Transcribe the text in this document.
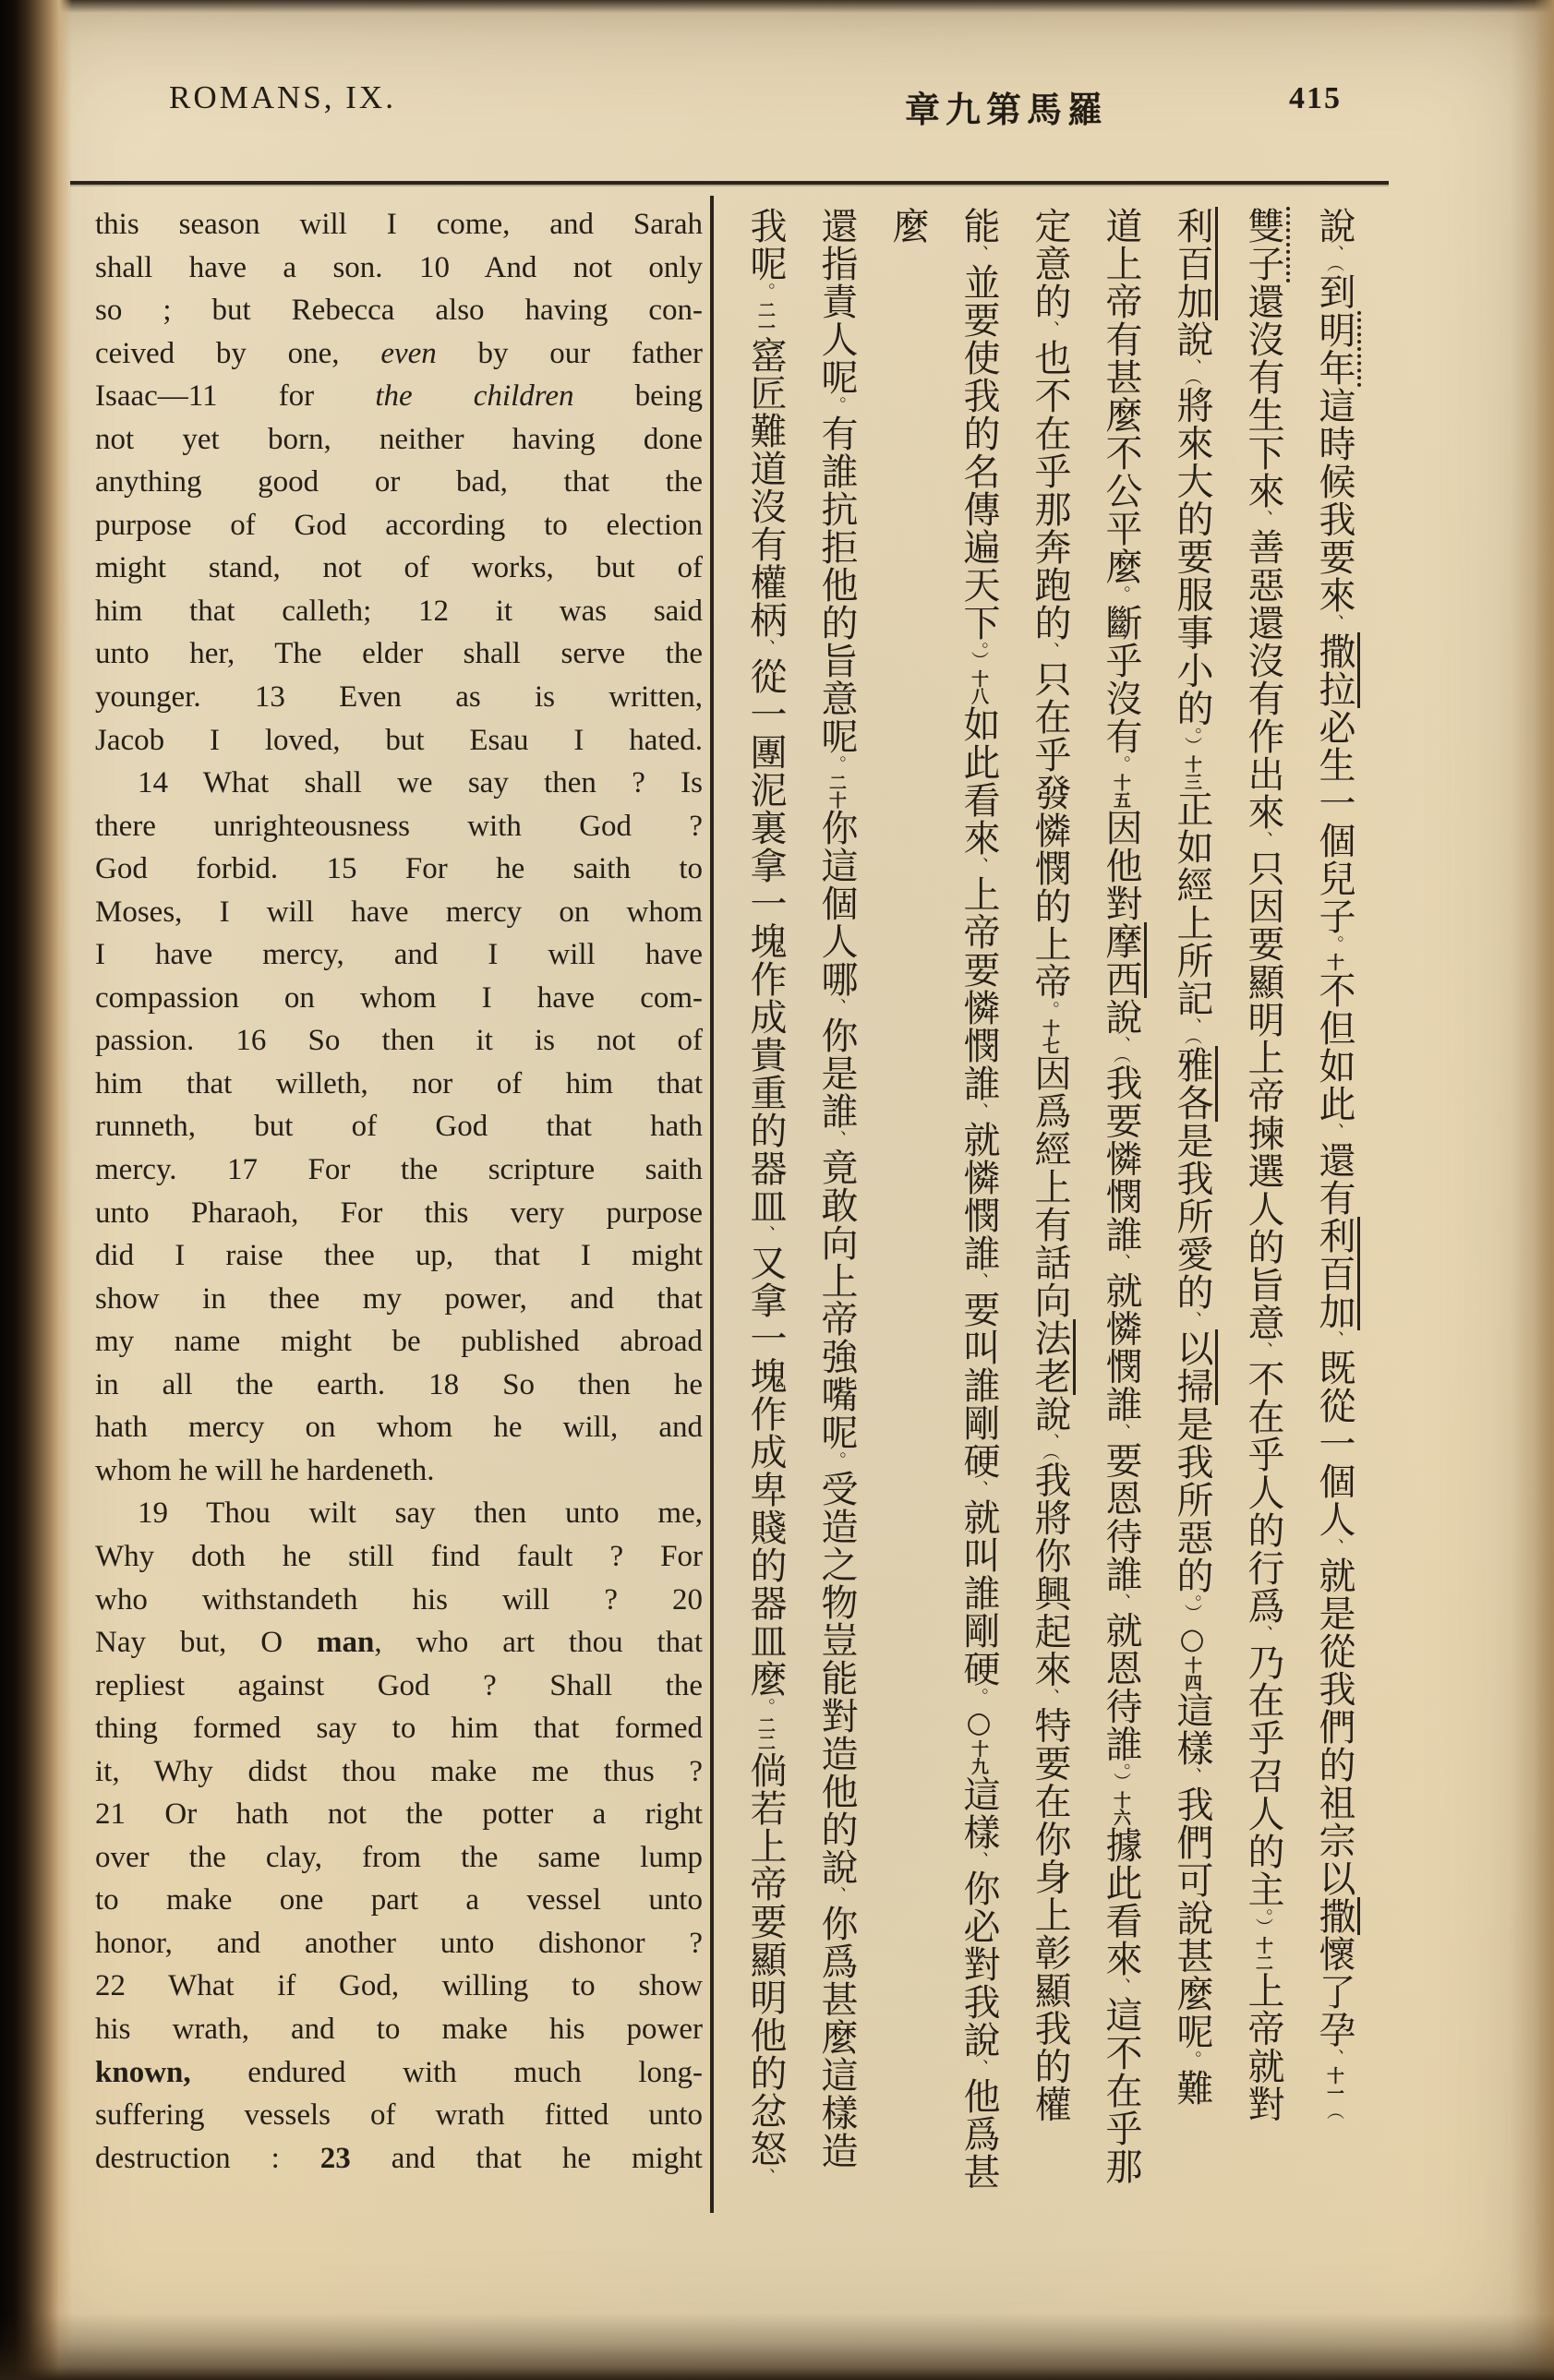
ROMANS, IX.	章九第馬羅	415
this season will I come, and Sarah
shall have a son. 10 And not only
so ; but Rebecca also having con-
ceived by one, even by our father
Isaac—11 for the children being
not yet born, neither having done
anything good or bad, that the
purpose of God according to election
might stand, not of works, but of
him that calleth; 12 it was said
unto her, The elder shall serve the
younger. 13 Even as is written,
Jacob I loved, but Esau I hated.
14 What shall we say then ? Is
there unrighteousness with God ?
God forbid. 15 For he saith to
Moses, I will have mercy on whom
I have mercy, and I will have
compassion on whom I have com-
passion. 16 So then it is not of
him that willeth, nor of him that
runneth, but of God that hath
mercy. 17 For the scripture saith
unto Pharaoh, For this very purpose
did I raise thee up, that I might
show in thee my power, and that
my name might be published abroad
in all the earth. 18 So then he
hath mercy on whom he will, and
whom he will he hardeneth.
19 Thou wilt say then unto me,
Why doth he still find fault ? For
who withstandeth his will ? 20
Nay but, O man, who art thou that
repliest against God ? Shall the
thing formed say to him that formed
it, Why didst thou make me thus ?
21 Or hath not the potter a right
over the clay, from the same lump
to make one part a vessel unto
honor, and another unto dishonor ?
22 What if God, willing to show
his wrath, and to make his power
known, endured with much long-
suffering vessels of wrath fitted unto
destruction : 23 and that he might
說、（到明年這時候我要來、撒拉必生一個兒子。十不但如此、還有利百加、既從一個人、就是從我們的祖宗以撒懷了孕、十一（
雙子還沒有生下來、善惡還沒有作出來、只因要顯明上帝揀選人的旨意、不在乎人的行爲、乃在乎召人的主。）十二上帝就對
利百加說、（將來大的要服事小的。）十三正如經上所記、（雅各是我所愛的、以掃是我所惡的。）○十四這樣、我們可說甚麼呢。難
道上帝有甚麼不公平麼。斷乎沒有。十五因他對摩西說、（我要憐憫誰、就憐憫誰、要恩待誰、就恩待誰。）十六據此看來、這不在乎那
定意的、也不在乎那奔跑的、只在乎發憐憫的上帝。十七因爲經上有話向法老說、（我將你興起來、特要在你身上彰顯我的權
能、並要使我的名傳遍天下。）十八如此看來、上帝要憐憫誰、就憐憫誰、要叫誰剛硬、就叫誰剛硬。○十九這樣、你必對我說、他爲甚麼
還指責人呢。有誰抗拒他的旨意呢。二十你這個人哪、你是誰、竟敢向上帝強嘴呢。受造之物豈能對造他的說、你爲甚麼這樣造
我呢。二一窰匠難道沒有權柄、從一團泥裏拿一塊作成貴重的器皿、又拿一塊作成卑賤的器皿麼。二二倘若上帝要顯明他的忿怒、
